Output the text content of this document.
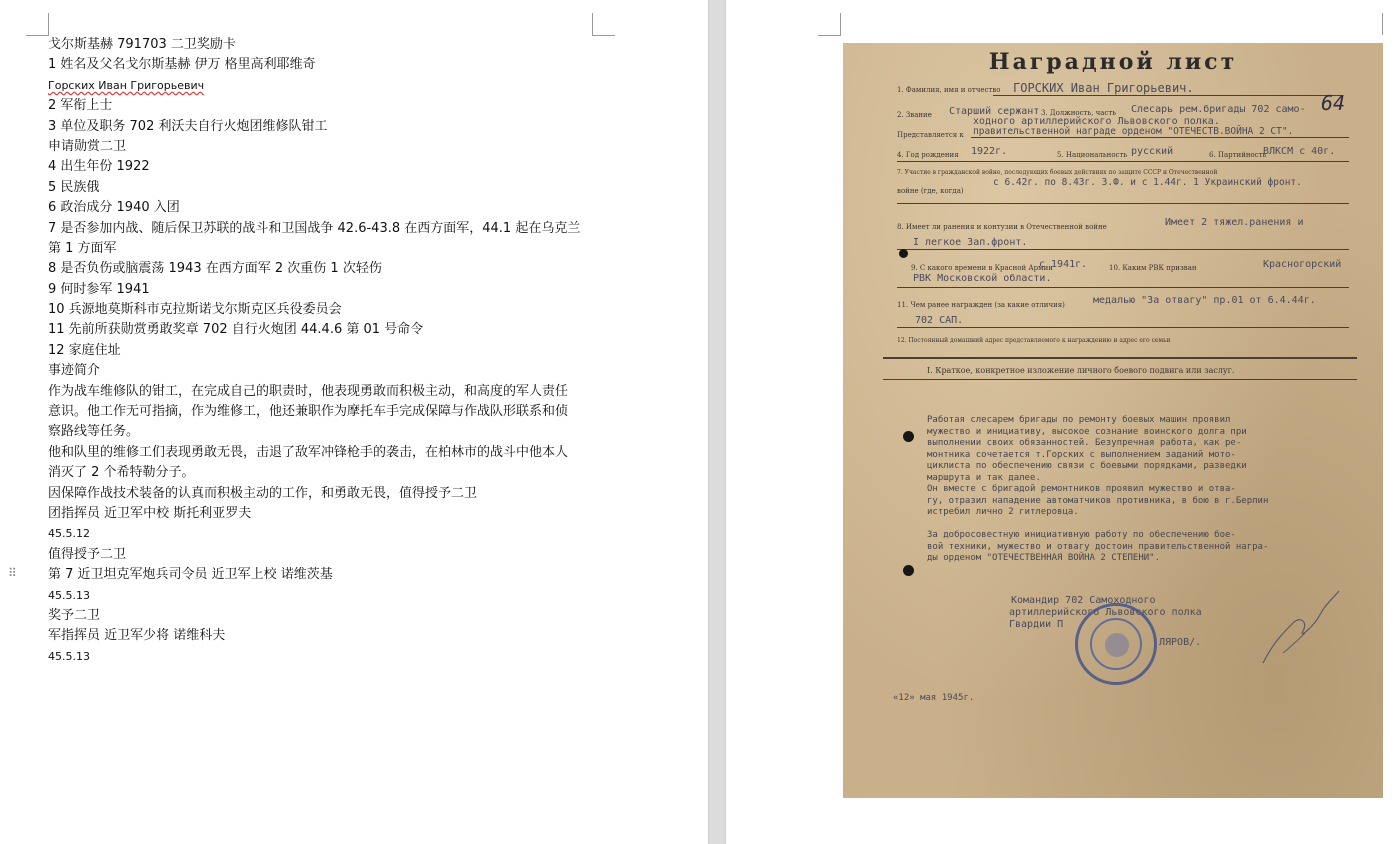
⠿
戈尔斯基赫 791703 二卫奖励卡
1 姓名及父名戈尔斯基赫 伊万 格里高利耶维奇
Горских Иван Григорьевич
2 军衔上士
3 单位及职务 702 利沃夫自行火炮团维修队钳工
申请勋赏二卫
4 出生年份 1922
5 民族俄
6 政治成分 1940 入团
7 是否参加内战、随后保卫苏联的战斗和卫国战争 42.6-43.8 在西方面军，44.1 起在乌克兰
第 1 方面军
8 是否负伤或脑震荡 1943 在西方面军 2 次重伤 1 次轻伤
9 何时参军 1941
10 兵源地莫斯科市克拉斯诺戈尔斯克区兵役委员会
11 先前所获勋赏勇敢奖章 702 自行火炮团 44.4.6 第 01 号命令
12 家庭住址
事迹简介
作为战车维修队的钳工，在完成自己的职责时，他表现勇敢而积极主动，和高度的军人责任
意识。他工作无可指摘，作为维修工，他还兼职作为摩托车手完成保障与作战队形联系和侦
察路线等任务。
他和队里的维修工们表现勇敢无畏，击退了敌军冲锋枪手的袭击，在柏林市的战斗中他本人
消灭了 2 个希特勒分子。
因保障作战技术装备的认真而积极主动的工作，和勇敢无畏，值得授予二卫
团指挥员 近卫军中校 斯托利亚罗夫
45.5.12
值得授予二卫
第 7 近卫坦克军炮兵司令员 近卫军上校 诺维茨基
45.5.13
奖予二卫
军指挥员 近卫军少将 诺维科夫
45.5.13
Наградной лист
1. Фамилия, имя и отчество ГОРСКИХ Иван Григорьевич.
64
2. Звание Старший сержант 3. Должность, часть Слесарь рем.бригады 702 само-
ходного артиллерийского Львовского полка.
Представляется к правительственной награде орденом "ОТЕЧЕСТВ.ВОЙНА 2 СТ".
4. Год рождения 1922г.	5. Национальность русский	6. Партийность
ВЛКСМ с 40г.
7. Участие в гражданской войне, последующих боевых действиях по защите СССР и Отечественной
войне (где, когда)
с 6.42г. по 8.43г. З.Ф. и с 1.44г. 1 Украинский фронт.
8. Имеет ли ранения и контузии в Отечественной войне	Имеет 2 тяжел.ранения и
I легкое Зап.фронт.
9. С какого времени в Красной Армии
с 1941г.	10. Каким РВК призван	Красногорский
РВК Московской области.
11. Чем ранее награжден (за какие отличия)	медалью "За отвагу" пр.01 от 6.4.44г.
702 САП.
12. Постоянный домашний адрес представляемого к награждению и адрес его семьи
I. Краткое, конкретное изложение личного боевого подвига или заслуг.
Работая слесарем бригады по ремонту боевых машин проявил
мужество и инициативу, высокое сознание воинского долга при
выполнении своих обязанностей. Безупречная работа, как ре-
монтника сочетается т.Горских с выполнением заданий мото-
циклиста по обеспечению связи с боевыми порядками, разведки
маршрута и так далее.
Он вместе с бригадой ремонтников проявил мужество и отва-
гу, отразил нападение автоматчиков противника, в бою в г.Берлин
истребил лично 2 гитлеровца.
За добросовестную инициативную работу по обеспечению бое-
вой техники, мужество и отвагу достоин правительственной награ-
ды орденом "ОТЕЧЕСТВЕННАЯ ВОЙНА 2 СТЕПЕНИ".
Командир 702 Самоходного
артиллерийского Львовского полка
Гвардии П
ЛЯРОВ/.
«12» мая 1945г.
